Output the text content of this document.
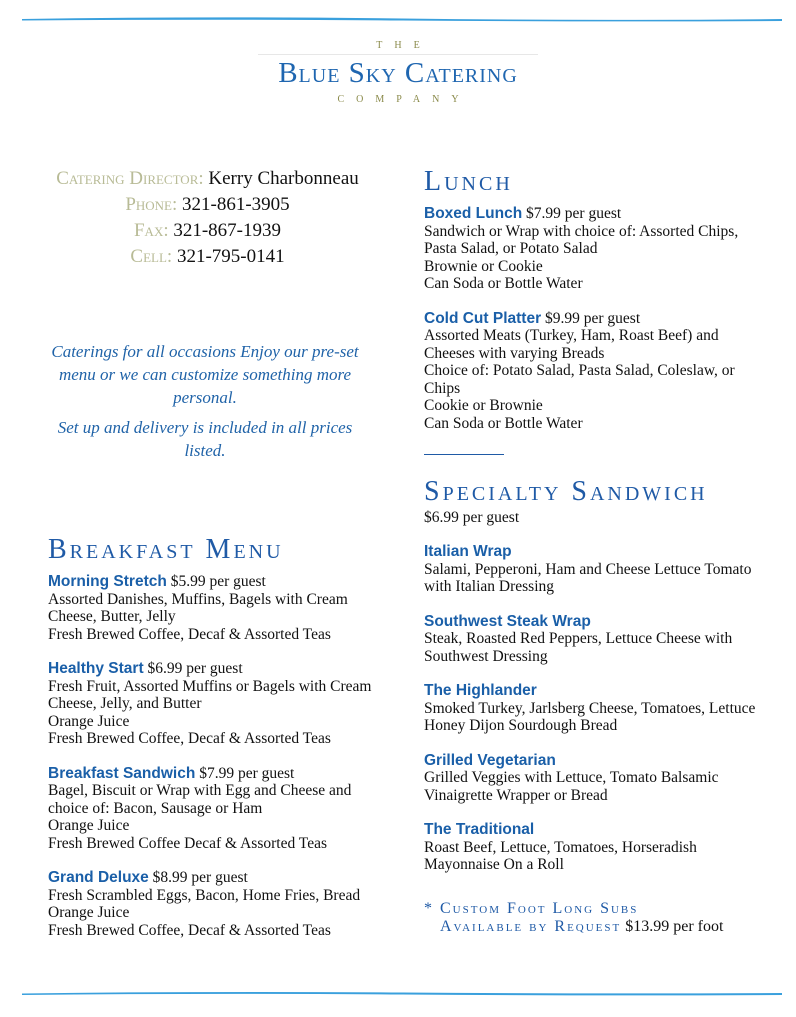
THE
Blue Sky Catering
COMPANY
Catering Director: Kerry Charbonneau
Phone: 321-861-3905
Fax: 321-867-1939
Cell: 321-795-0141

Caterings for all occasions Enjoy our pre-set menu or we can customize something more personal.

Set up and delivery is included in all prices listed.

Breakfast Menu
Morning Stretch $5.99 per guest
Assorted Danishes, Muffins, Bagels with Cream Cheese, Butter, Jelly
Fresh Brewed Coffee, Decaf & Assorted Teas
Healthy Start $6.99 per guest
Fresh Fruit, Assorted Muffins or Bagels with Cream Cheese, Jelly, and Butter
Orange Juice
Fresh Brewed Coffee, Decaf & Assorted Teas
Breakfast Sandwich $7.99 per guest
Bagel, Biscuit or Wrap with Egg and Cheese and choice of: Bacon, Sausage or Ham
Orange Juice
Fresh Brewed Coffee Decaf & Assorted Teas
Grand Deluxe $8.99 per guest
Fresh Scrambled Eggs, Bacon, Home Fries, Bread
Orange Juice
Fresh Brewed Coffee, Decaf & Assorted Teas
Lunch
Boxed Lunch $7.99 per guest
Sandwich or Wrap with choice of: Assorted Chips, Pasta Salad, or Potato Salad
Brownie or Cookie
Can Soda or Bottle Water
Cold Cut Platter $9.99 per guest
Assorted Meats (Turkey, Ham, Roast Beef) and Cheeses with varying Breads
Choice of: Potato Salad, Pasta Salad, Coleslaw, or Chips
Cookie or Brownie
Can Soda or Bottle Water
Specialty Sandwich
$6.99 per guest
Italian Wrap
Salami, Pepperoni, Ham and Cheese Lettuce Tomato with Italian Dressing
Southwest Steak Wrap
Steak, Roasted Red Peppers, Lettuce Cheese with Southwest Dressing
The Highlander
Smoked Turkey, Jarlsberg Cheese, Tomatoes, Lettuce Honey Dijon Sourdough Bread
Grilled Vegetarian
Grilled Veggies with Lettuce, Tomato Balsamic Vinaigrette Wrapper or Bread
The Traditional
Roast Beef, Lettuce, Tomatoes, Horseradish Mayonnaise On a Roll
* Custom Foot Long Subs
Available by Request $13.99 per foot
